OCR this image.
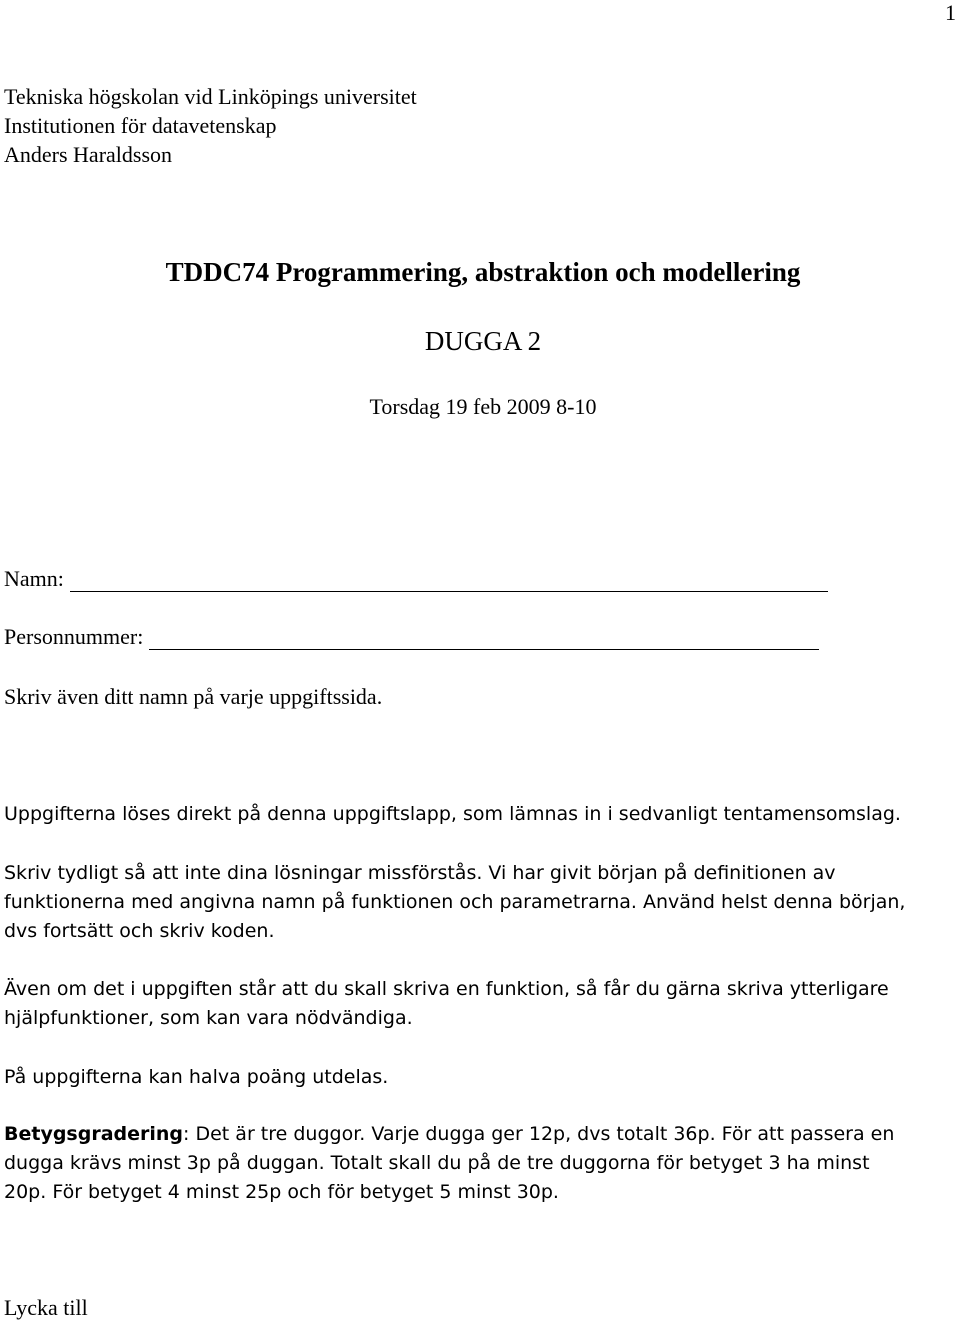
1
Tekniska högskolan vid Linköpings universitet
Institutionen för datavetenskap
Anders Haraldsson
TDDC74 Programmering, abstraktion och modellering
DUGGA 2
Torsdag 19 feb 2009 8-10
Namn:
Personnummer:
Skriv även ditt namn på varje uppgiftssida.
Uppgifterna löses direkt på denna uppgiftslapp, som lämnas in i sedvanligt tentamensomslag.
Skriv tydligt så att inte dina lösningar missförstås. Vi har givit början på definitionen av
funktionerna med angivna namn på funktionen och parametrarna. Använd helst denna början,
dvs fortsätt och skriv koden.
Även om det i uppgiften står att du skall skriva en funktion, så får du gärna skriva ytterligare
hjälpfunktioner, som kan vara nödvändiga.
På uppgifterna kan halva poäng utdelas.
Betygsgradering: Det är tre duggor. Varje dugga ger 12p, dvs totalt 36p. För att passera en
dugga krävs minst 3p på duggan. Totalt skall du på de tre duggorna för betyget 3 ha minst
20p. För betyget 4 minst 25p och för betyget 5 minst 30p.
Lycka till
